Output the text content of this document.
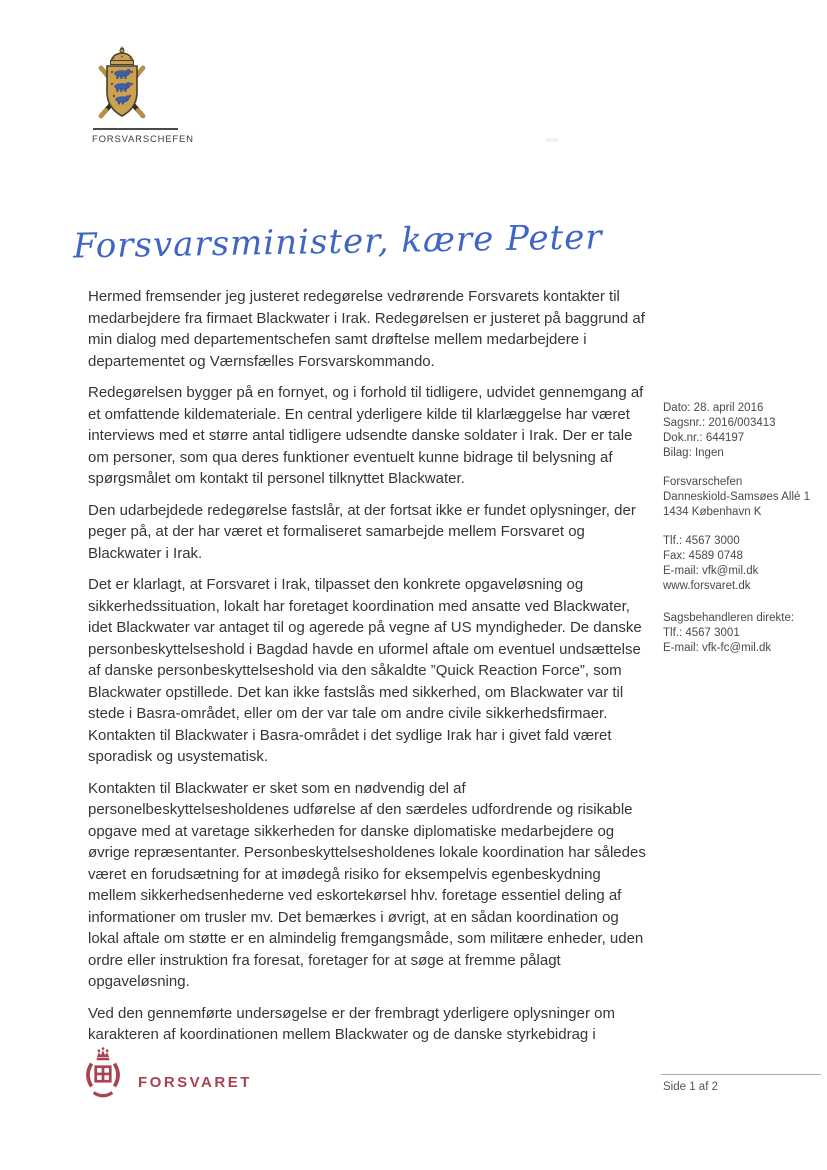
FORSVARSCHEFEN
Forsvarsminister, kære Peter

Hermed fremsender jeg justeret redegørelse vedrørende Forsvarets kontakter til medarbejdere fra firmaet Blackwater i Irak. Redegørelsen er justeret på baggrund af min dialog med departementschefen samt drøftelse mellem medarbejdere i departementet og Værnsfælles Forsvarskommando.

Redegørelsen bygger på en fornyet, og i forhold til tidligere, udvidet gennemgang af et omfattende kildemateriale. En central yderligere kilde til klarlæggelse har været interviews med et større antal tidligere udsendte danske soldater i Irak. Der er tale om personer, som qua deres funktioner eventuelt kunne bidrage til belysning af spørgsmålet om kontakt til personel tilknyttet Blackwater.

Den udarbejdede redegørelse fastslår, at der fortsat ikke er fundet oplysninger, der peger på, at der har været et formaliseret samarbejde mellem Forsvaret og Blackwater i Irak.

Det er klarlagt, at Forsvaret i Irak, tilpasset den konkrete opgaveløsning og sikkerhedssituation, lokalt har foretaget koordination med ansatte ved Blackwater, idet Blackwater var antaget til og agerede på vegne af US myndigheder. De danske personbeskyttelseshold i Bagdad havde en uformel aftale om eventuel undsættelse af danske personbeskyttelseshold via den såkaldte ”Quick Reaction Force”, som Blackwater opstillede. Det kan ikke fastslås med sikkerhed, om Blackwater var til stede i Basra-området, eller om der var tale om andre civile sikkerhedsfirmaer. Kontakten til Blackwater i Basra-området i det sydlige Irak har i givet fald været sporadisk og usystematisk.

Kontakten til Blackwater er sket som en nødvendig del af personelbeskyttelsesholdenes udførelse af den særdeles udfordrende og risikable opgave med at varetage sikkerheden for danske diplomatiske medarbejdere og øvrige repræsentanter. Personbeskyttelsesholdenes lokale koordination har således været en forudsætning for at imødegå risiko for eksempelvis egenbeskydning mellem sikkerhedsenhederne ved eskortekørsel hhv. foretage essentiel deling af informationer om trusler mv. Det bemærkes i øvrigt, at en sådan koordination og lokal aftale om støtte er en almindelig fremgangsmåde, som militære enheder, uden ordre eller instruktion fra foresat, foretager for at søge at fremme pålagt opgaveløsning.

Ved den gennemførte undersøgelse er der frembragt yderligere oplysninger om karakteren af koordinationen mellem Blackwater og de danske styrkebidrag i

Dato: 28. april 2016
Sagsnr.: 2016/003413
Dok.nr.: 644197
Bilag: Ingen
Forsvarschefen
Danneskiold-Samsøes Allé 1
1434 København K
Tlf.: 4567 3000
Fax: 4589 0748
E-mail: vfk@mil.dk
www.forsvaret.dk
Sagsbehandleren direkte:
Tlf.: 4567 3001
E-mail: vfk-fc@mil.dk
FORSVARET	Side 1 af 2
